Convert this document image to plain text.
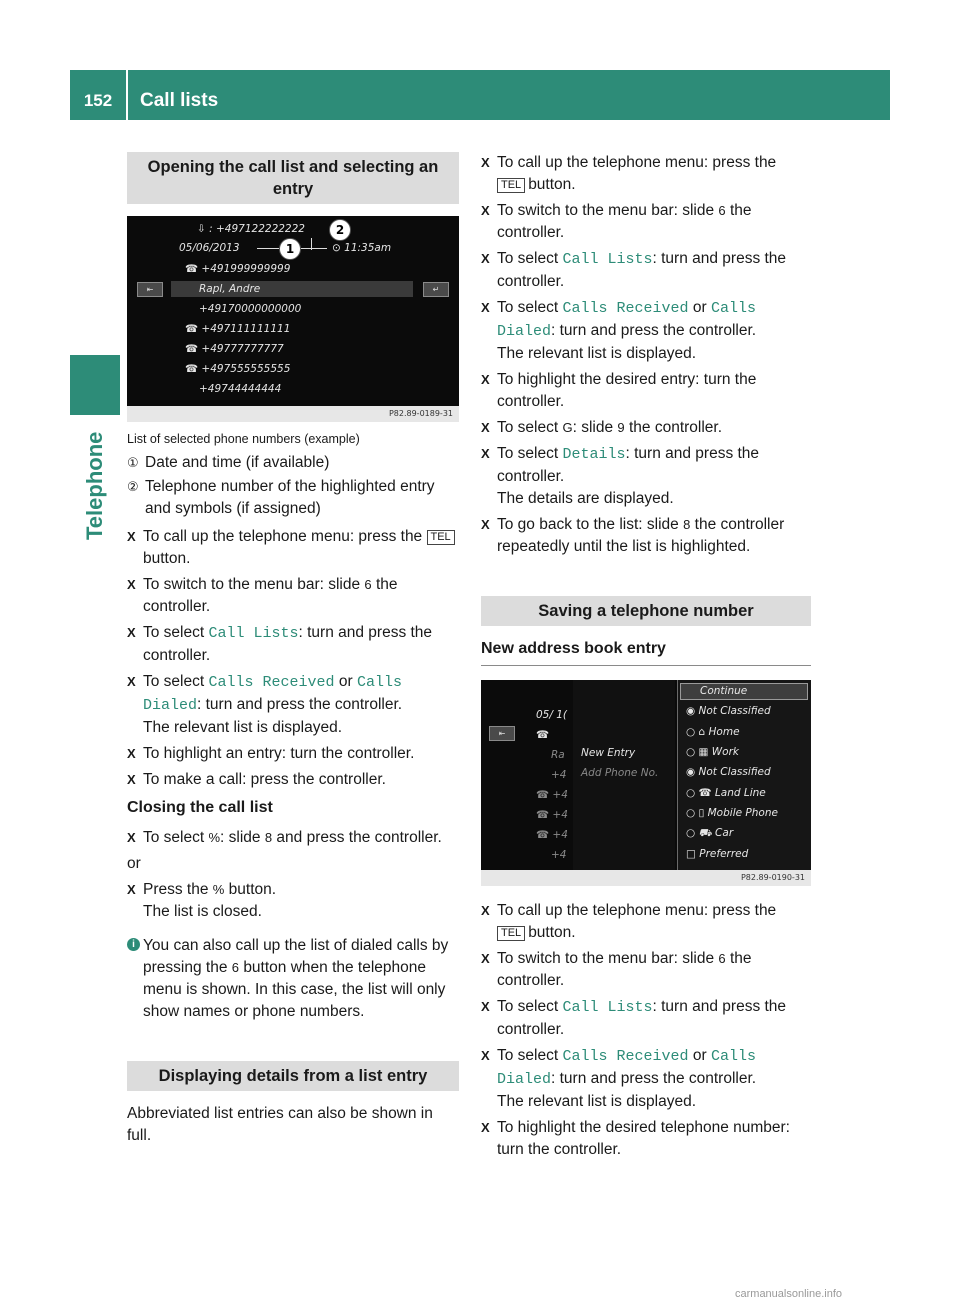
152	Call lists
Telephone
Opening the call list and selecting an entry
⇤	↵
⇩ : +497122222222
05/06/2013	⊙ 11:35am
☎ +491999999999
Rapl, Andre
+49170000000000
☎ +497111111111
☎ +49777777777
☎ +497555555555
+49744444444
1
2
P82.89-0189-31
List of selected phone numbers (example)
① Date and time (if available)
② Telephone number of the highlighted entry and symbols (if assigned)
X To call up the telephone menu: press the TELbutton.
X To switch to the menu bar: slide 6 the controller.
X To select Call Lists: turn and press the controller.
X To select Calls Received or Calls Dialed: turn and press the controller.
The relevant list is displayed.
X To highlight an entry: turn the controller.
X To make a call: press the controller.
Closing the call list
X To select %: slide 8 and press the controller.
or
X Press the % button.
The list is closed.
i You can also call up the list of dialed calls by pressing the 6 button when the telephone menu is shown. In this case, the list will only show names or phone numbers.
Displaying details from a list entry
Abbreviated list entries can also be shown in full.
X To call up the telephone menu: press the TEL button.
X To switch to the menu bar: slide 6 the controller.
X To select Call Lists: turn and press the controller.
X To select Calls Received or Calls Dialed: turn and press the controller.
The relevant list is displayed.
X To highlight the desired entry: turn the controller.
X To select G: slide 9 the controller.
X To select Details: turn and press the controller.
The details are displayed.
X To go back to the list: slide 8 the controller repeatedly until the list is highlighted.
Saving a telephone number
New address book entry
⇤
05/ 1(
☎
Ra
+4
☎ +4
☎ +4
☎ +4
+4
New Entry
Add Phone No.
Continue
◉ Not Classified
○ ⌂ Home
○ ▦ Work
◉ Not Classified
○ ☎ Land Line
○ ▯ Mobile Phone
○ ⛟ Car
□ Preferred
P82.89-0190-31
X To call up the telephone menu: press the TEL button.
X To switch to the menu bar: slide 6 the controller.
X To select Call Lists: turn and press the controller.
X To select Calls Received or Calls Dialed: turn and press the controller.
The relevant list is displayed.
X To highlight the desired telephone number: turn the controller.
carmanualsonline.info
